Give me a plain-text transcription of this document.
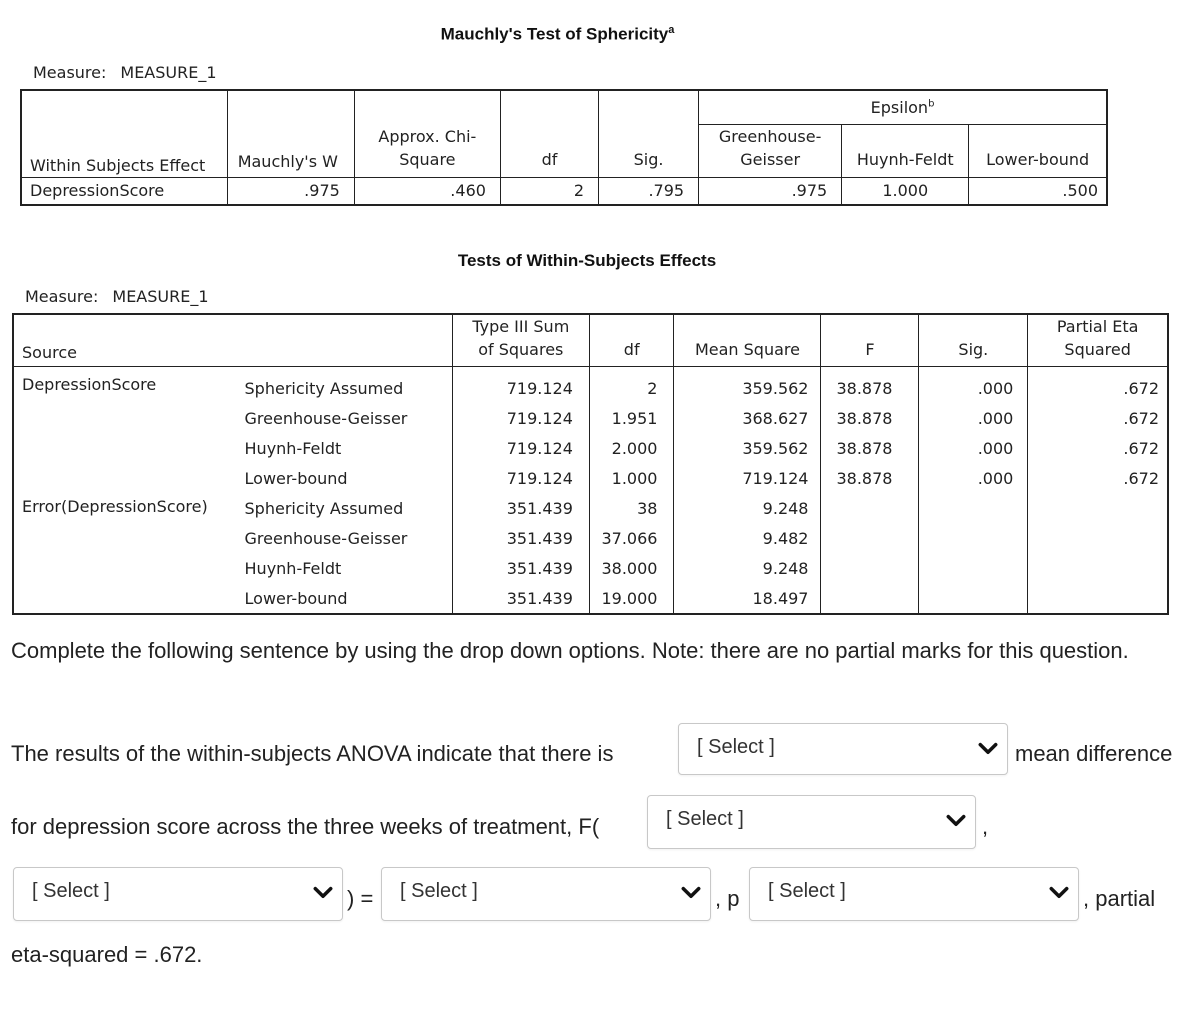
Mauchly's Test of Sphericity$^a$
Measure: MEASURE_1
Within Subjects Effect	Mauchly's W	Approx. Chi-
Square	df	Sig.	Epsilon$^b$
					Greenhouse-
Geisser	Huynh-Feldt	Lower-bound
DepressionScore	.975	.460	2	.795	.975	1.000	.500
Tests of Within-Subjects Effects
Measure: MEASURE_1
Source		Type III Sum
of Squares	df	Mean Square	F	Sig.	Partial Eta
Squared
DepressionScore	Sphericity Assumed	719.124	2	359.562	38.878	.000	.672
	Greenhouse-Geisser	719.124	1.951	368.627	38.878	.000	.672
	Huynh-Feldt	719.124	2.000	359.562	38.878	.000	.672
	Lower-bound	719.124	1.000	719.124	38.878	.000	.672
Error(DepressionScore)	Sphericity Assumed	351.439	38	9.248			
	Greenhouse-Geisser	351.439	37.066	9.482			
	Huynh-Feldt	351.439	38.000	9.248			
	Lower-bound	351.439	19.000	18.497			
Complete the following sentence by using the drop down options. Note: there are no partial marks for this question.
The results of the within-subjects ANOVA indicate that there is	[ Select ]	mean difference
for depression score across the three weeks of treatment, F(	[ Select ]	,
[ Select ]	) = [ Select ]	, p [ Select ]	, partial
eta-squared = .672.
